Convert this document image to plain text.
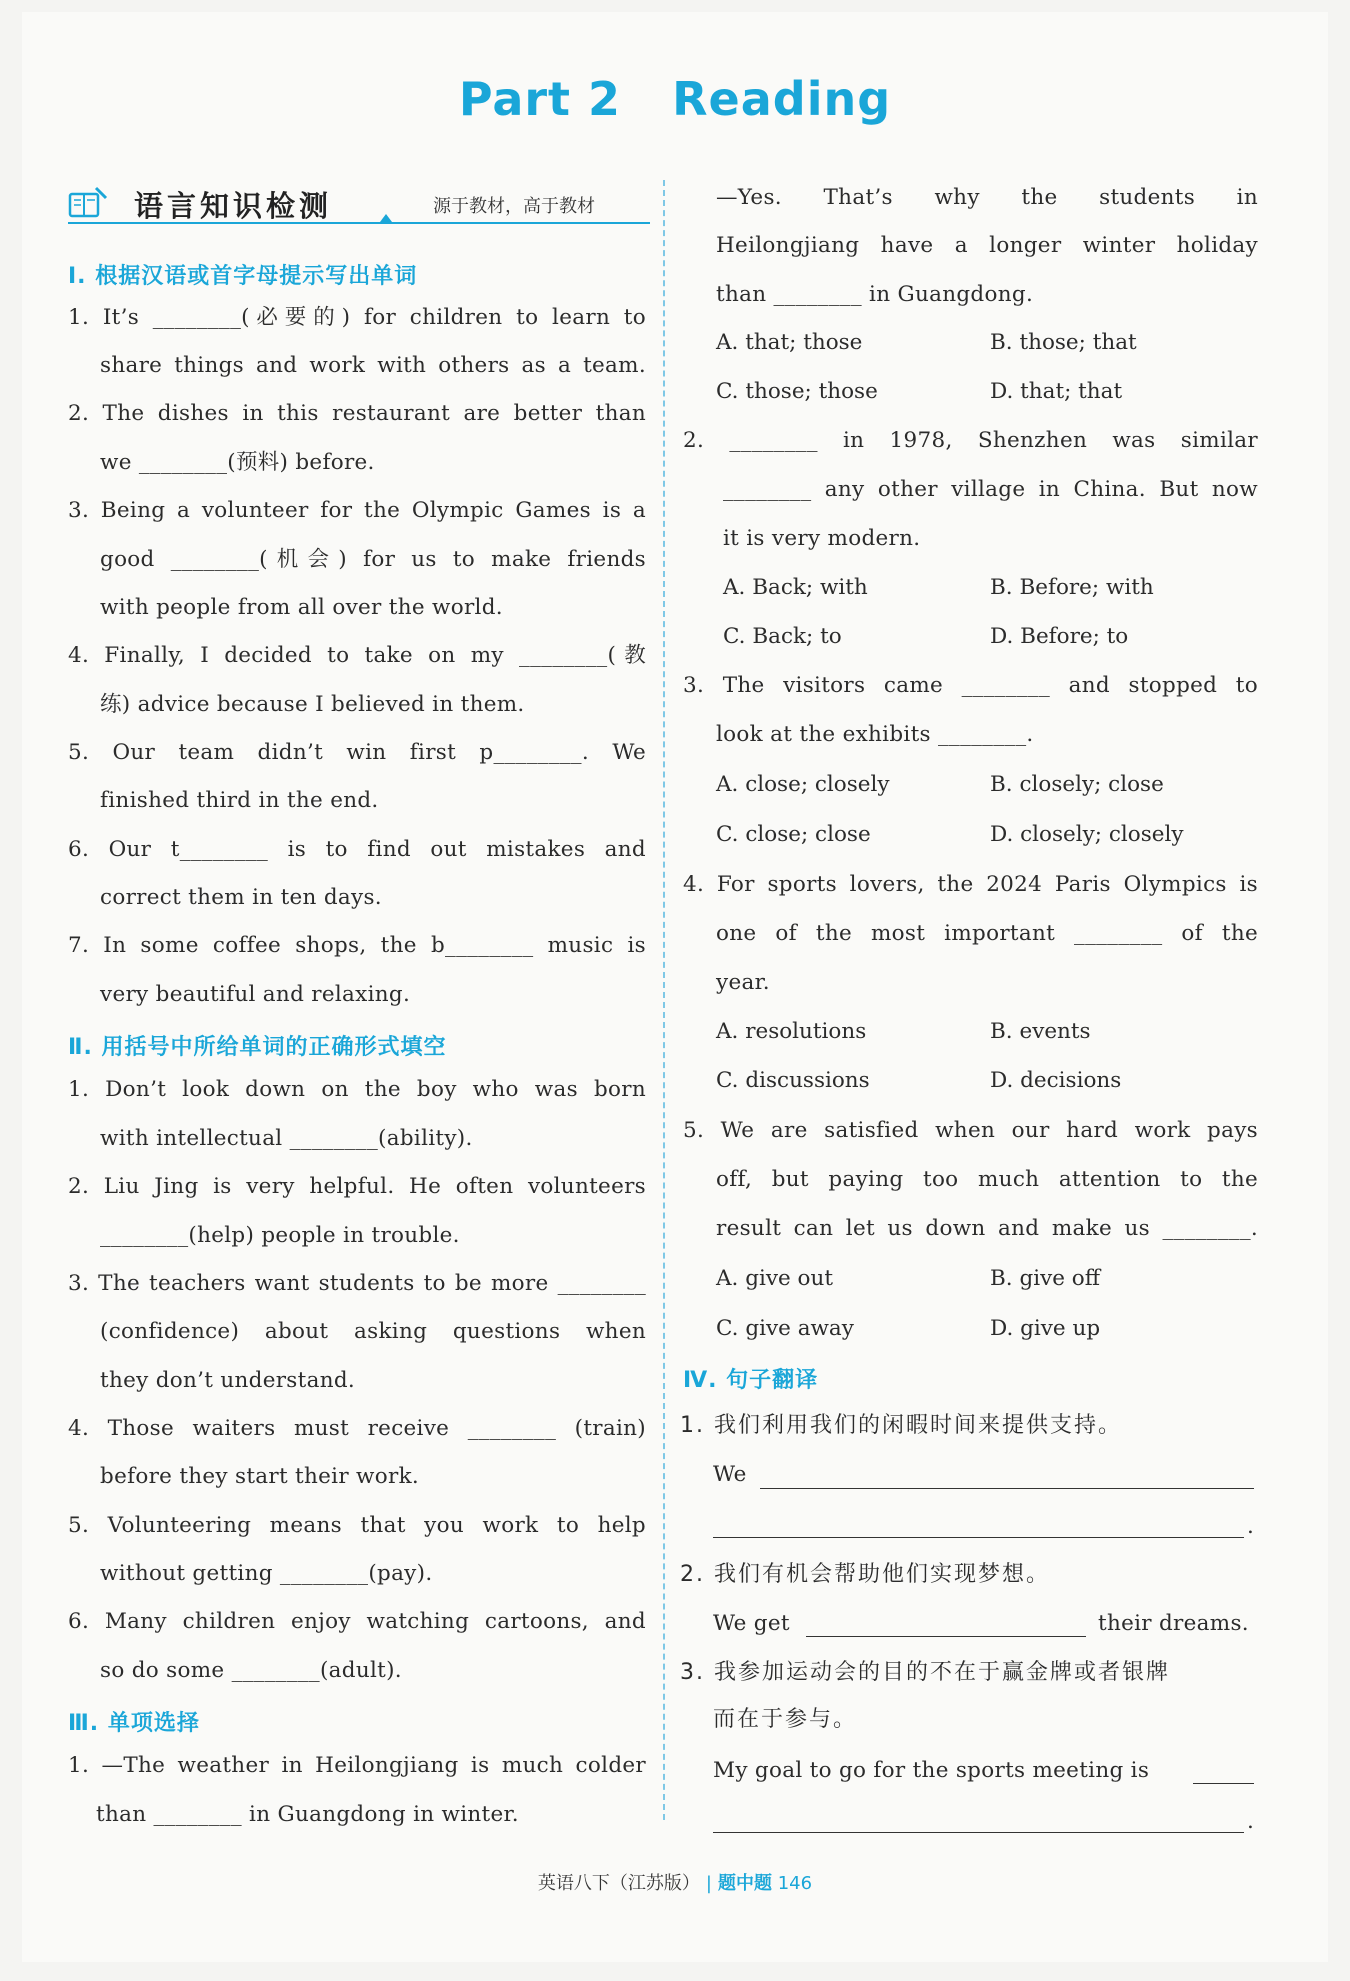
Part 2   Reading
语言知识检测	源于教材，高于教材
Ⅰ. 根据汉语或首字母提示写出单词
1. It’s ________(必要的) for children to learn to
share things and work with others as a team.
2. The dishes in this restaurant are better than
we ________(预料) before.
3. Being a volunteer for the Olympic Games is a
good ________(机会) for us to make friends
with people from all over the world.
4. Finally, I decided to take on my ________(教
练) advice because I believed in them.
5. Our team didn’t win first p________. We
finished third in the end.
6. Our t________ is to find out mistakes and
correct them in ten days.
7. In some coffee shops, the b________ music is
very beautiful and relaxing.
Ⅱ. 用括号中所给单词的正确形式填空
1. Don’t look down on the boy who was born
with intellectual ________(ability).
2. Liu Jing is very helpful. He often volunteers
________(help) people in trouble.
3. The teachers want students to be more ________
(confidence) about asking questions when
they don’t understand.
4. Those waiters must receive ________ (train)
before they start their work.
5. Volunteering means that you work to help
without getting ________(pay).
6. Many children enjoy watching cartoons, and
so do some ________(adult).
Ⅲ. 单项选择
1. —The weather in Heilongjiang is much colder
than ________ in Guangdong in winter.
—Yes. That’s why the students in
Heilongjiang have a longer winter holiday
than ________ in Guangdong.
A. that; those	B. those; that
C. those; those	D. that; that
2. ________ in 1978, Shenzhen was similar
________ any other village in China. But now
it is very modern.
A. Back; with	B. Before; with
C. Back; to	D. Before; to
3. The visitors came ________ and stopped to
look at the exhibits ________.
A. close; closely	B. closely; close
C. close; close	D. closely; closely
4. For sports lovers, the 2024 Paris Olympics is
one of the most important ________ of the
year.
A. resolutions	B. events
C. discussions	D. decisions
5. We are satisfied when our hard work pays
off, but paying too much attention to the
result can let us down and make us ________.
A. give out	B. give off
C. give away	D. give up
Ⅳ. 句子翻译
1. 我们利用我们的闲暇时间来提供支持。
We
.
2. 我们有机会帮助他们实现梦想。
We get	their dreams.
3. 我参加运动会的目的不在于赢金牌或者银牌
而在于参与。
My goal to go for the sports meeting is
.
英语八下（江苏版） | 题中题 146
